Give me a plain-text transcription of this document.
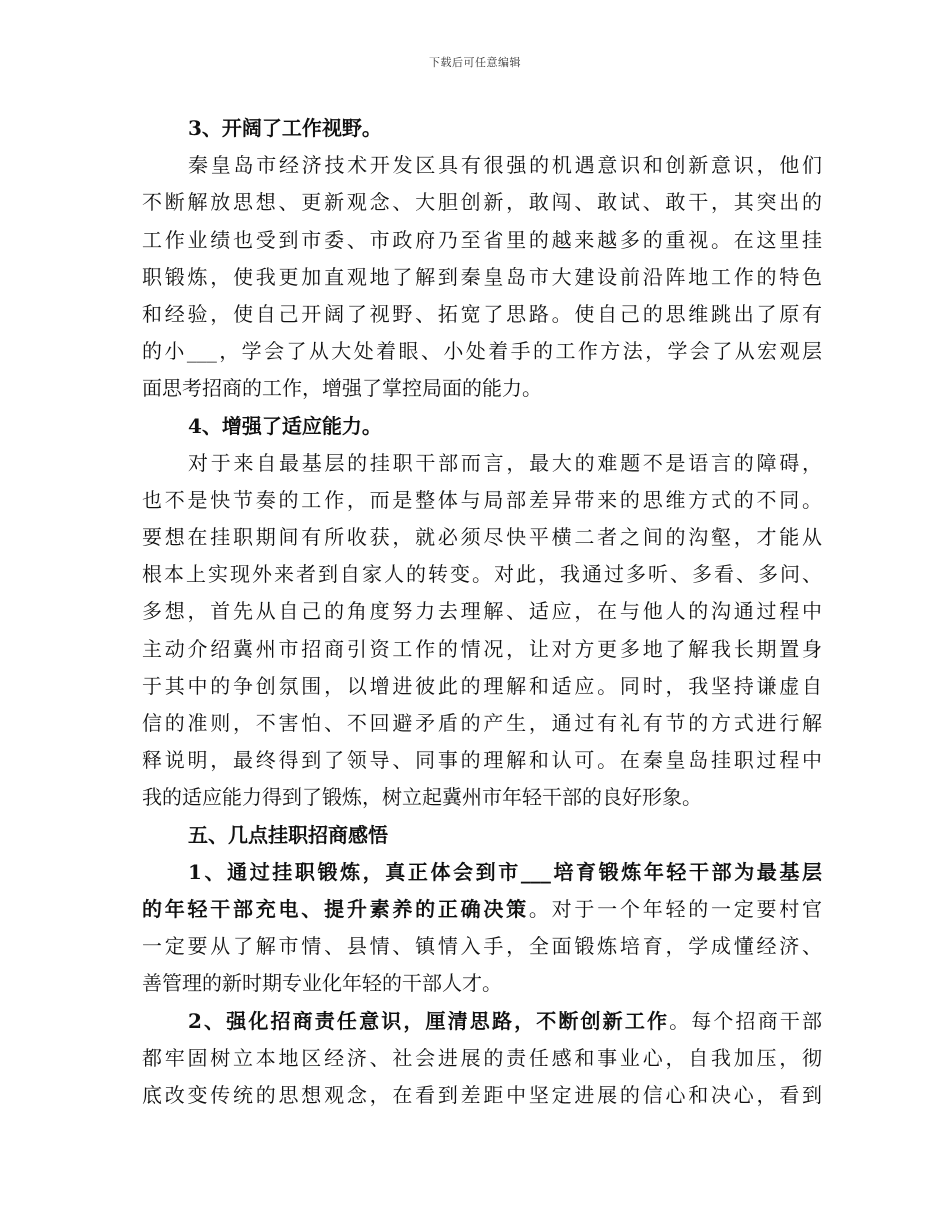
下载后可任意编辑
3、开阔了工作视野。
秦皇岛市经济技术开发区具有很强的机遇意识和创新意识，他们
不断解放思想、更新观念、大胆创新，敢闯、敢试、敢干，其突出的
工作业绩也受到市委、市政府乃至省里的越来越多的重视。在这里挂
职锻炼，使我更加直观地了解到秦皇岛市大建设前沿阵地工作的特色
和经验，使自己开阔了视野、拓宽了思路。使自己的思维跳出了原有
的小___，学会了从大处着眼、小处着手的工作方法，学会了从宏观层
面思考招商的工作，增强了掌控局面的能力。
4、增强了适应能力。
对于来自最基层的挂职干部而言，最大的难题不是语言的障碍，
也不是快节奏的工作，而是整体与局部差异带来的思维方式的不同。
要想在挂职期间有所收获，就必须尽快平横二者之间的沟壑，才能从
根本上实现外来者到自家人的转变。对此，我通过多听、多看、多问、
多想，首先从自己的角度努力去理解、适应，在与他人的沟通过程中
主动介绍冀州市招商引资工作的情况，让对方更多地了解我长期置身
于其中的争创氛围，以增进彼此的理解和适应。同时，我坚持谦虚自
信的准则，不害怕、不回避矛盾的产生，通过有礼有节的方式进行解
释说明，最终得到了领导、同事的理解和认可。在秦皇岛挂职过程中
我的适应能力得到了锻炼，树立起冀州市年轻干部的良好形象。
五、几点挂职招商感悟
1、通过挂职锻炼，真正体会到市___培育锻炼年轻干部为最基层
的年轻干部充电、提升素养的正确决策。对于一个年轻的一定要村官
一定要从了解市情、县情、镇情入手，全面锻炼培育，学成懂经济、
善管理的新时期专业化年轻的干部人才。
2、强化招商责任意识，厘清思路，不断创新工作。每个招商干部
都牢固树立本地区经济、社会进展的责任感和事业心，自我加压，彻
底改变传统的思想观念，在看到差距中坚定进展的信心和决心，看到
